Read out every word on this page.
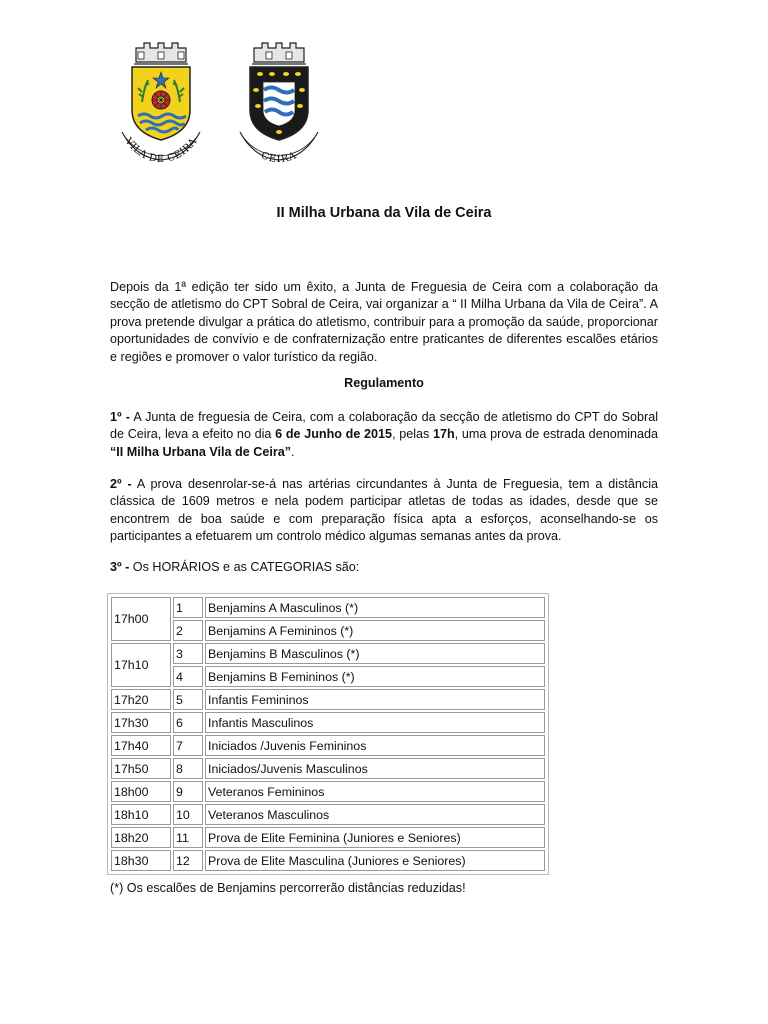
VILA DE CEIRA
CEIRA
II Milha Urbana da Vila de Ceira

Depois da 1ª edição ter sido um êxito, a Junta de Freguesia de Ceira com a colaboração da secção de atletismo do CPT Sobral de Ceira, vai organizar a “ II Milha Urbana da Vila de Ceira”. A prova pretende divulgar a prática do atletismo, contribuir para a promoção da saúde, proporcionar oportunidades de convívio e de confraternização entre praticantes de diferentes escalões etários e regiões e promover o valor turístico da região.

Regulamento

1º - A Junta de freguesia de Ceira, com a colaboração da secção de atletismo do CPT do Sobral de Ceira, leva a efeito no dia 6 de Junho de 2015, pelas 17h, uma prova de estrada denominada “II Milha Urbana Vila de Ceira”.

2º - A prova desenrolar-se-á nas artérias circundantes à Junta de Freguesia, tem a distância clássica de 1609 metros e nela podem participar atletas de todas as idades, desde que se encontrem de boa saúde e com preparação física apta a esforços, aconselhando-se os participantes a efetuarem um controlo médico algumas semanas antes da prova.

3º - Os HORÁRIOS e as CATEGORIAS são:

17h00	1	Benjamins A Masculinos (*)
	2	Benjamins A Femininos (*)
17h10	3	Benjamins B Masculinos (*)
	4	Benjamins B Femininos (*)
17h20	5	Infantis Femininos
17h30	6	Infantis Masculinos
17h40	7	Iniciados /Juvenis Femininos
17h50	8	Iniciados/Juvenis Masculinos
18h00	9	Veteranos Femininos
18h10	10	Veteranos Masculinos
18h20	11	Prova de Elite Feminina (Juniores e Seniores)
18h30	12	Prova de Elite Masculina (Juniores e Seniores)

(*) Os escalões de Benjamins percorrerão distâncias reduzidas!
